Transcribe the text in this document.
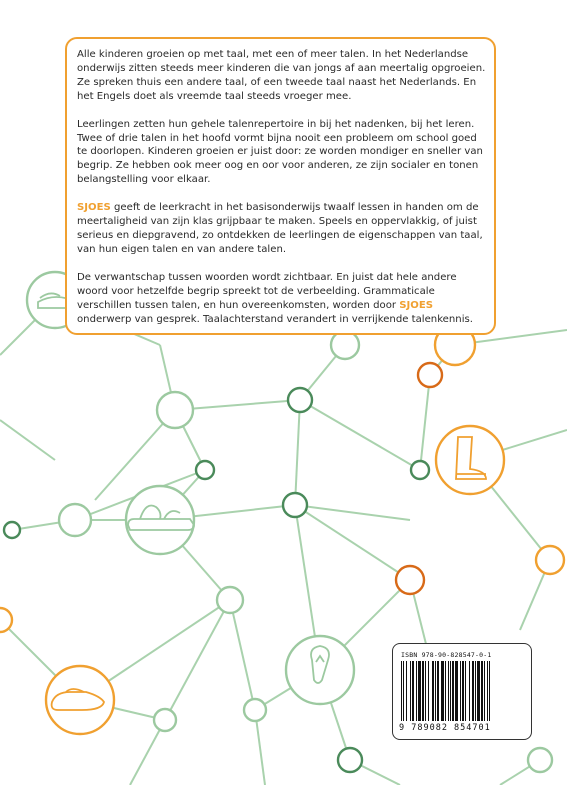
Alle kinderen groeien op met taal, met een of meer talen. In het Nederlandse onderwijs zitten steeds meer kinderen die van jongs af aan meertalig opgroeien. Ze spreken thuis een andere taal, of een tweede taal naast het Nederlands. En het Engels doet als vreemde taal steeds vroeger mee.

Leerlingen zetten hun gehele talenrepertoire in bij het nadenken, bij het leren. Twee of drie talen in het hoofd vormt bijna nooit een probleem om school goed te doorlopen. Kinderen groeien er juist door: ze worden mondiger en sneller van begrip. Ze hebben ook meer oog en oor voor anderen, ze zijn socialer en tonen belangstelling voor elkaar.

SJOES geeft de leerkracht in het basisonderwijs twaalf lessen in handen om de meertaligheid van zijn klas grijpbaar te maken. Speels en oppervlakkig, of juist serieus en diepgravend, zo ontdekken de leerlingen de eigenschappen van taal, van hun eigen talen en van andere talen.

De verwantschap tussen woorden wordt zichtbaar. En juist dat hele andere woord voor hetzelfde begrip spreekt tot de verbeelding. Grammaticale verschillen tussen talen, en hun overeenkomsten, worden door SJOES onderwerp van gesprek. Taalachterstand verandert in verrijkende talenkennis.

ISBN 978-90-828547-0-1
9 789082 854701
